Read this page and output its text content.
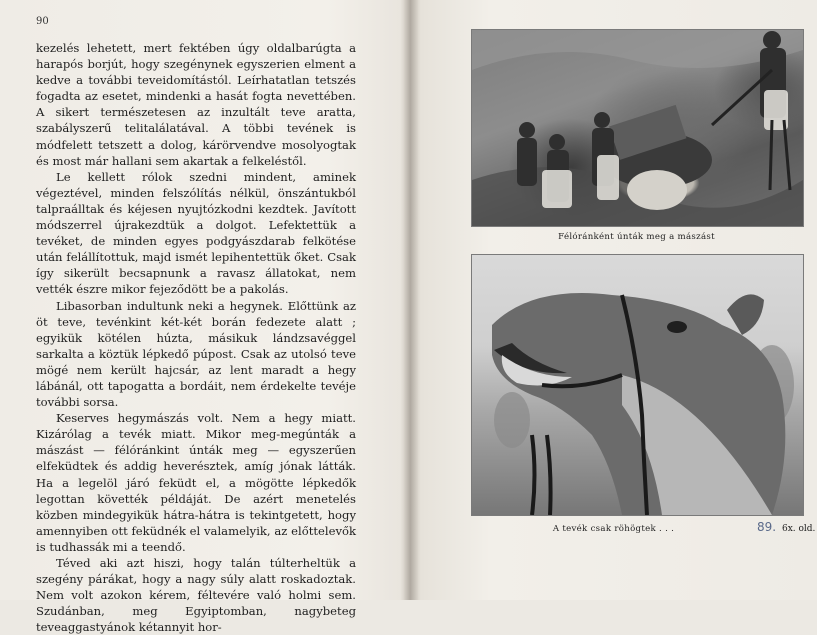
90

kezelés lehetett, mert fektében úgy oldalbarúgta a harapós borjút, hogy szegénynek egyszerien elment a kedve a további teveidomítástól. Leírhatatlan tetszés fogadta az esetet, mindenki a hasát fogta nevettében. A sikert természetesen az inzultált teve aratta, szabályszerű telitalálatával. A többi tevének is módfelett tetszett a dolog, kárörvendve mosolyogtak és most már hallani sem akartak a felkeléstől.

Le kellett rólok szedni mindent, aminek végeztével, minden felszólítás nélkül, önszántukból talpraálltak és kéjesen nyujtózkodni kezdtek. Javított módszerrel újrakezdtük a dolgot. Lefektettük a tevéket, de minden egyes podgyászdarab felkötése után felállítottuk, majd ismét lepihentettük őket. Csak így sikerült becsapnunk a ravasz állatokat, nem vették észre mikor fejeződött be a pakolás.

Libasorban indultunk neki a hegynek. Előttünk az öt teve, tevénkint két-két borán fedezete alatt ; egyikük kötélen húzta, másikuk lándzsavéggel sarkalta a köztük lépkedő púpost. Csak az utolsó teve mögé nem került hajcsár, az lent maradt a hegy lábánál, ott tapogatta a bordáit, nem érdekelte tevéje további sorsa.

Keserves hegymászás volt. Nem a hegy miatt. Kizárólag a tevék miatt. Mikor meg-megúnták a mászást — félóránkint únták meg — egyszerűen elfeküdtek és addig heverésztek, amíg jónak látták. Ha a legelöl járó feküdt el, a mögötte lépkedők legottan követték példáját. De azért menetelés közben mindegyikük hátra-hátra is tekintgetett, hogy amennyiben ott feküdnék el valamelyik, az előttelevők is tudhassák mi a teendő.

Téved aki azt hiszi, hogy talán túlterheltük a szegény párákat, hogy a nagy súly alatt roskadoztak. Nem volt azokon kérem, féltevére való holmi sem. Szudánban, meg Egyiptomban, nagybeteg teveaggastyánok kétannyit hor-

Félóránként únták meg a mászást
A tevék csak röhögtek . . .	89. 6x. old.
